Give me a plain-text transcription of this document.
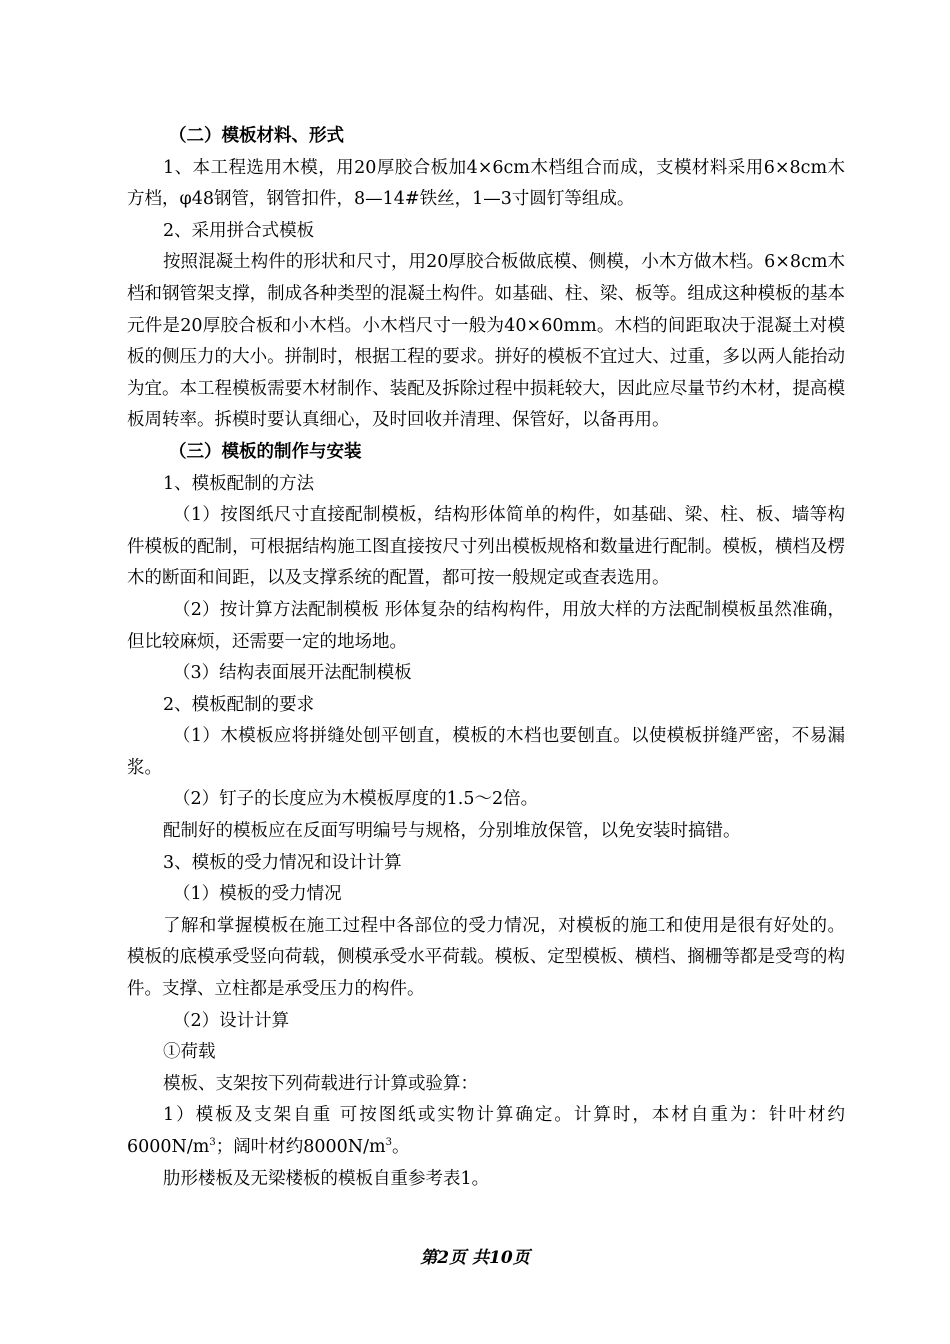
（二）模板材料、形式

1、本工程选用木模，用20厚胶合板加4×6cm木档组合而成，支模材料采用6×8cm木方档，φ48钢管，钢管扣件，8—14#铁丝，1—3寸圆钉等组成。

2、采用拼合式模板

按照混凝土构件的形状和尺寸，用20厚胶合板做底模、侧模，小木方做木档。6×8cm木档和钢管架支撑，制成各种类型的混凝土构件。如基础、柱、梁、板等。组成这种模板的基本元件是20厚胶合板和小木档。小木档尺寸一般为40×60mm。木档的间距取决于混凝土对模板的侧压力的大小。拼制时，根据工程的要求。拼好的模板不宜过大、过重，多以两人能抬动为宜。本工程模板需要木材制作、装配及拆除过程中损耗较大，因此应尽量节约木材，提高模板周转率。拆模时要认真细心，及时回收并清理、保管好，以备再用。

（三）模板的制作与安装

1、模板配制的方法

（1）按图纸尺寸直接配制模板，结构形体简单的构件，如基础、梁、柱、板、墙等构件模板的配制，可根据结构施工图直接按尺寸列出模板规格和数量进行配制。模板，横档及楞木的断面和间距，以及支撑系统的配置，都可按一般规定或查表选用。

（2）按计算方法配制模板 形体复杂的结构构件，用放大样的方法配制模板虽然准确，但比较麻烦，还需要一定的地场地。

（3）结构表面展开法配制模板

2、模板配制的要求

（1）木模板应将拼缝处刨平刨直，模板的木档也要刨直。以使模板拼缝严密，不易漏浆。

（2）钉子的长度应为木模板厚度的1.5～2倍。

配制好的模板应在反面写明编号与规格，分别堆放保管，以免安装时搞错。

3、模板的受力情况和设计计算

（1）模板的受力情况

了解和掌握模板在施工过程中各部位的受力情况，对模板的施工和使用是很有好处的。模板的底模承受竖向荷载，侧模承受水平荷载。模板、定型模板、横档、搁栅等都是受弯的构件。支撑、立柱都是承受压力的构件。

（2）设计计算

①荷载

模板、支架按下列荷载进行计算或验算：

1）模板及支架自重 可按图纸或实物计算确定。计算时，本材自重为：针叶材约$6000N/m^3$；阔叶材约$8000N/m^3$。

肋形楼板及无梁楼板的模板自重参考表1。

第2页 共10页
